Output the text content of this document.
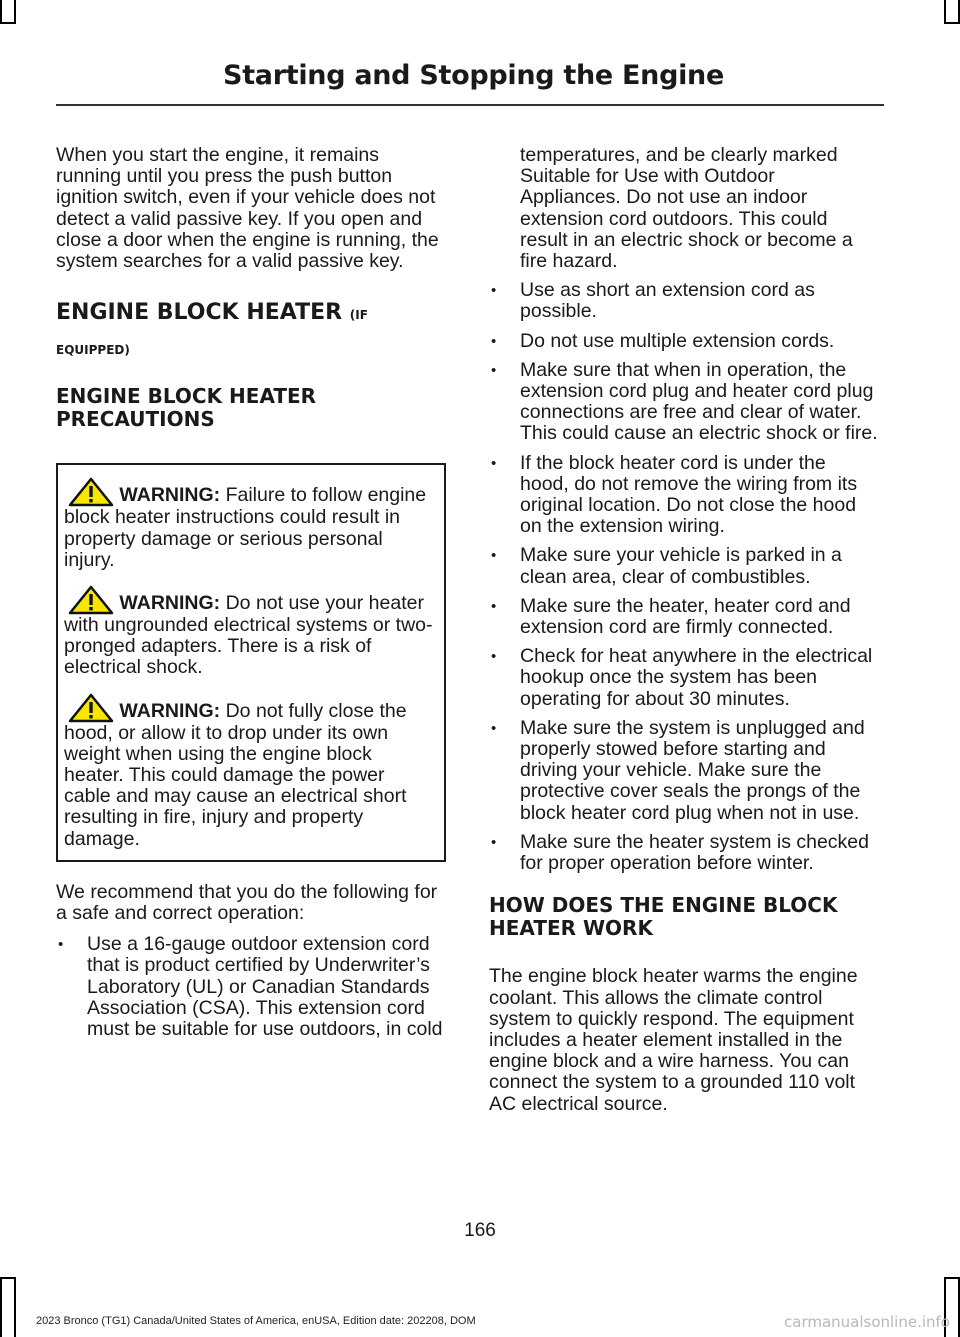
Starting and Stopping the Engine

When you start the engine, it remains running until you press the push button ignition switch, even if your vehicle does not detect a valid passive key. If you open and close a door when the engine is running, the system searches for a valid passive key.

ENGINE BLOCK HEATER (IF
EQUIPPED)
ENGINE BLOCK HEATER PRECAUTIONS

WARNING: Failure to follow engine block heater instructions could result in property damage or serious personal injury.

WARNING: Do not use your heater with ungrounded electrical systems or two-pronged adapters. There is a risk of electrical shock.

WARNING: Do not fully close the hood, or allow it to drop under its own weight when using the engine block heater. This could damage the power cable and may cause an electrical short resulting in fire, injury and property damage.

We recommend that you do the following for a safe and correct operation:

• Use a 16-gauge outdoor extension cord that is product certified by Underwriter’s Laboratory (UL) or Canadian Standards Association (CSA). This extension cord must be suitable for use outdoors, in cold

temperatures, and be clearly marked Suitable for Use with Outdoor Appliances. Do not use an indoor extension cord outdoors. This could result in an electric shock or become a fire hazard.

• Use as short an extension cord as possible.
• Do not use multiple extension cords.
• Make sure that when in operation, the extension cord plug and heater cord plug connections are free and clear of water. This could cause an electric shock or fire.
• If the block heater cord is under the hood, do not remove the wiring from its original location. Do not close the hood on the extension wiring.
• Make sure your vehicle is parked in a clean area, clear of combustibles.
• Make sure the heater, heater cord and extension cord are firmly connected.
• Check for heat anywhere in the electrical hookup once the system has been operating for about 30 minutes.
• Make sure the system is unplugged and properly stowed before starting and driving your vehicle. Make sure the protective cover seals the prongs of the block heater cord plug when not in use.
• Make sure the heater system is checked for proper operation before winter.
HOW DOES THE ENGINE BLOCK HEATER WORK

The engine block heater warms the engine coolant. This allows the climate control system to quickly respond. The equipment includes a heater element installed in the engine block and a wire harness. You can connect the system to a grounded 110 volt AC electrical source.

166
2023 Bronco (TG1) Canada/United States of America, enUSA, Edition date: 202208, DOM	carmanualsonline.info
